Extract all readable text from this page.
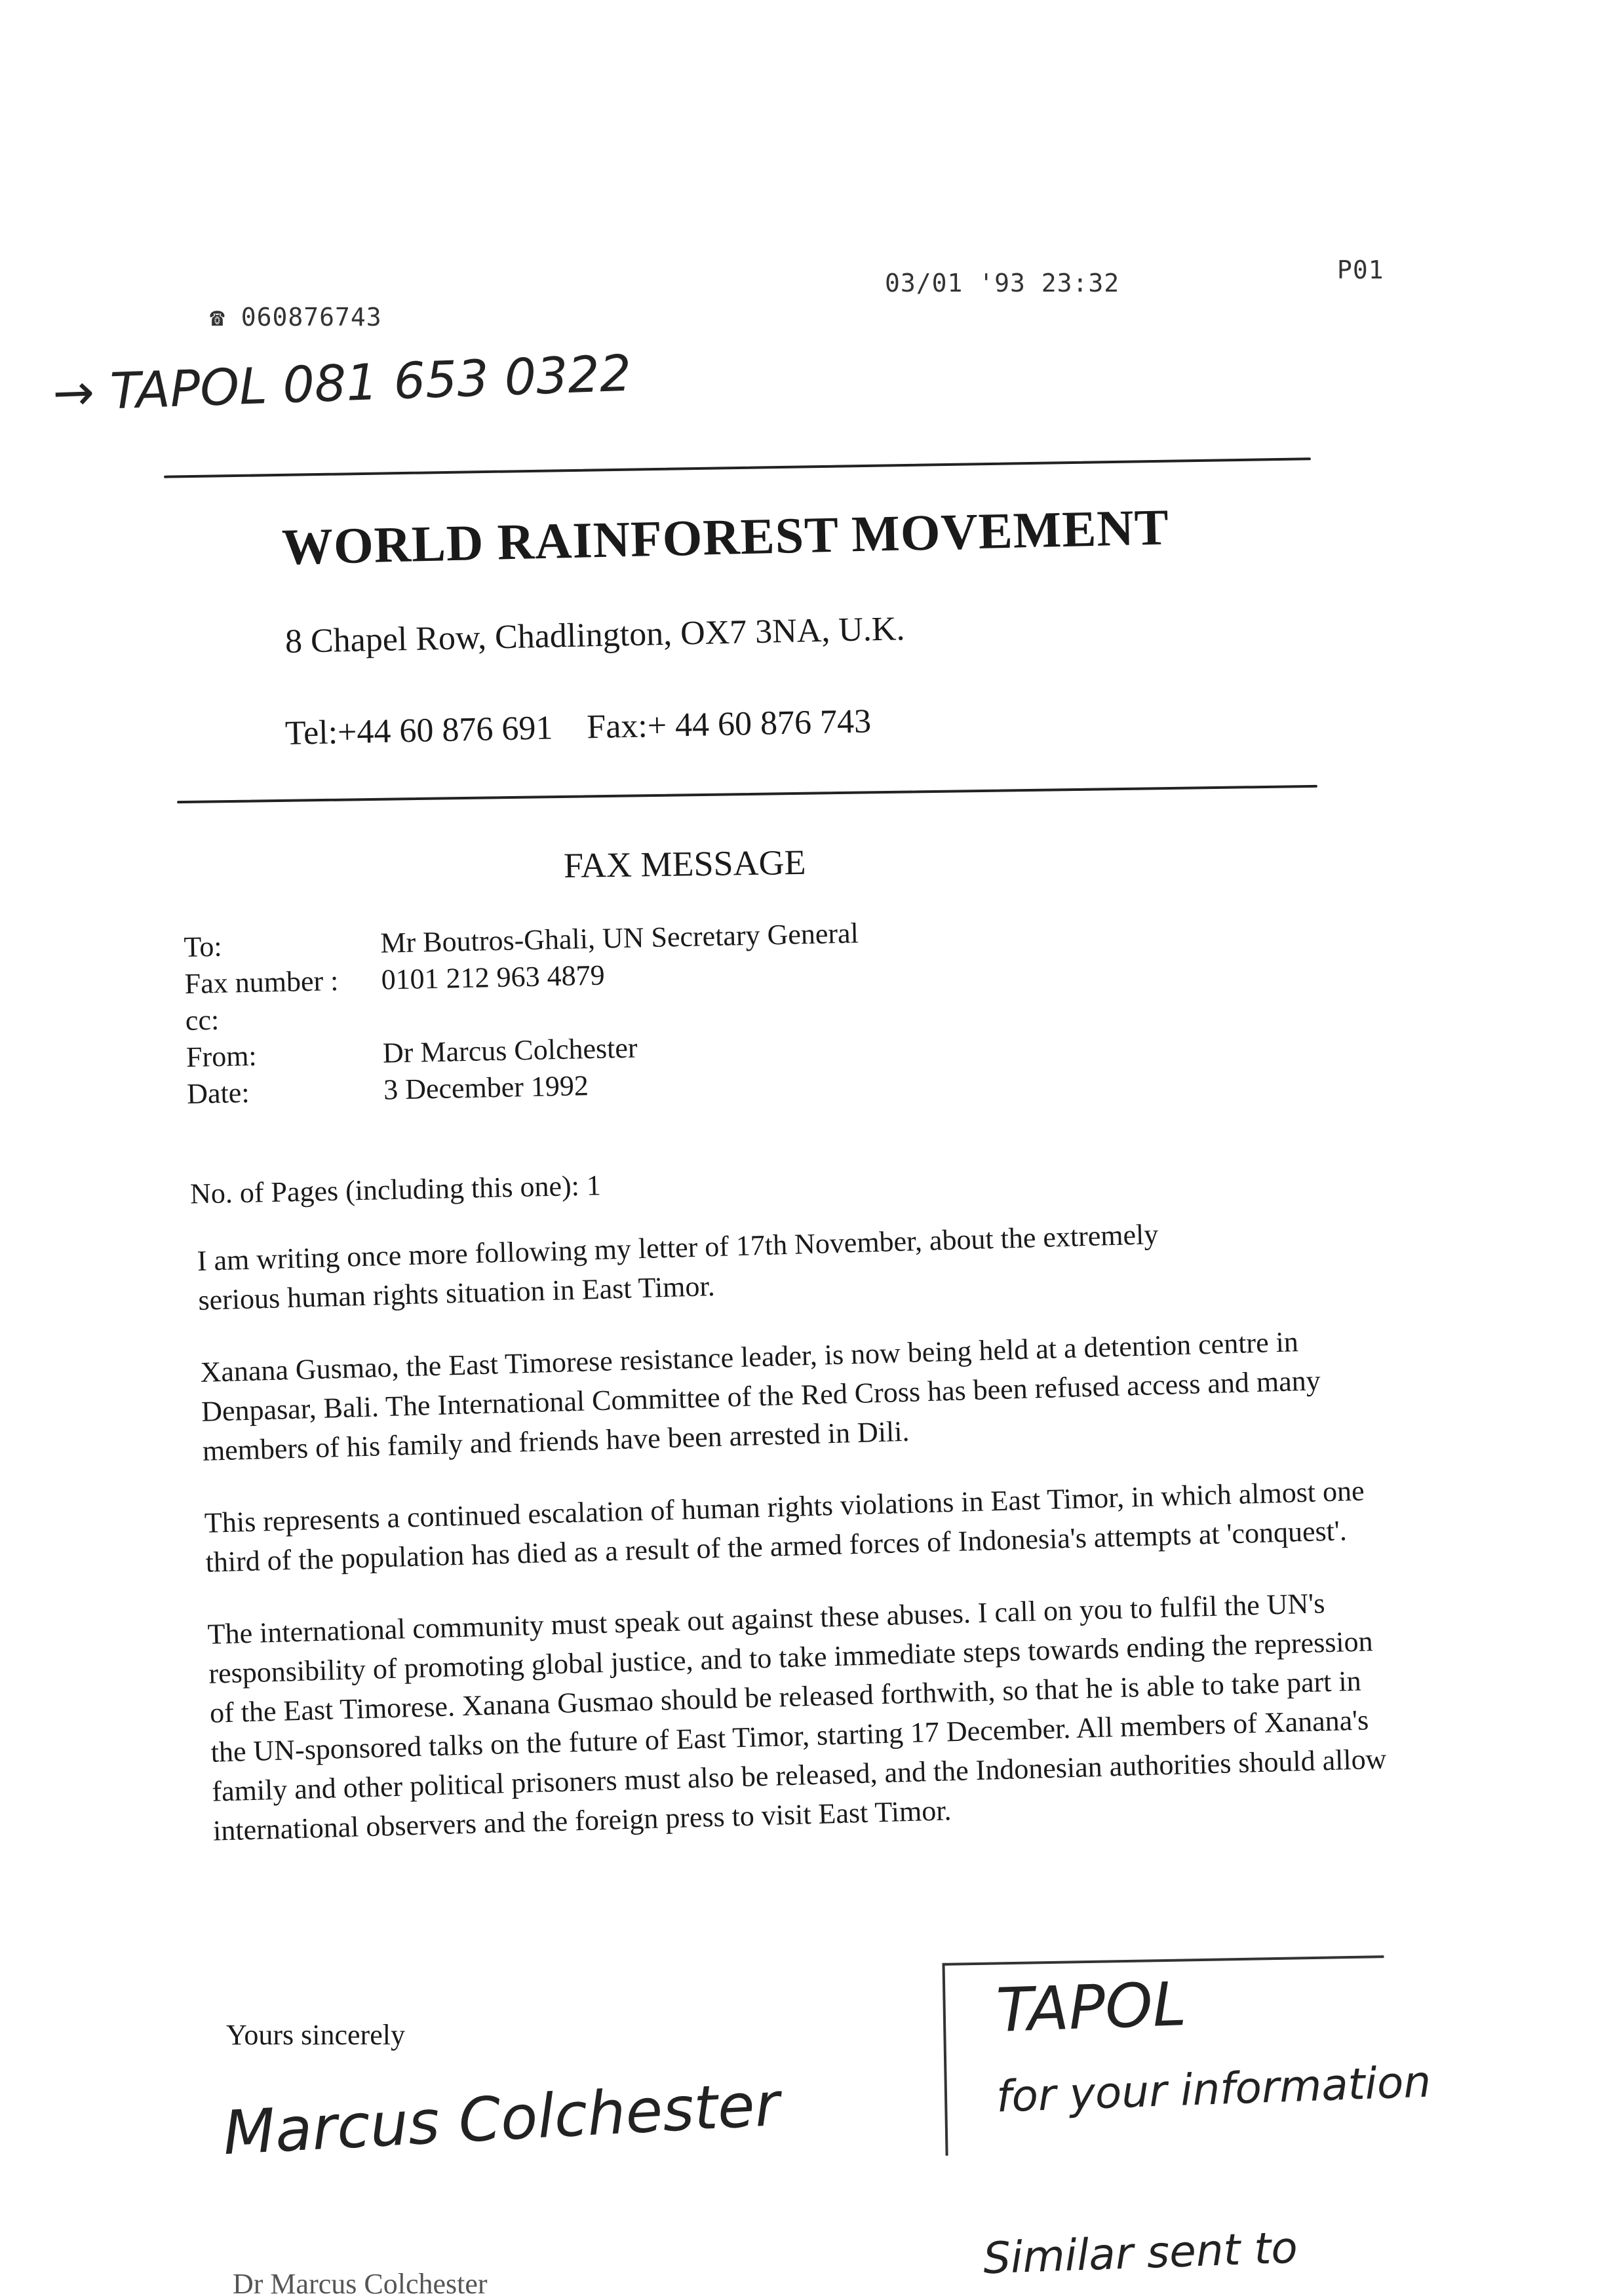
☎ 060876743
03/01 '93 23:32	P01
→ TAPOL 081 653 0322
WORLD RAINFOREST MOVEMENT
8 Chapel Row, Chadlington, OX7 3NA, U.K.
Tel:+44 60 876 691 Fax:+ 44 60 876 743
FAX MESSAGE
To:	Mr Boutros-Ghali, UN Secretary General
Fax number :	0101 212 963 4879
cc:
From:	Dr Marcus Colchester
Date:	3 December 1992
No. of Pages (including this one): 1

I am writing once more following my letter of 17th November, about the extremely serious human rights situation in East Timor.

Xanana Gusmao, the East Timorese resistance leader, is now being held at a detention centre in Denpasar, Bali. The International Committee of the Red Cross has been refused access and many members of his family and friends have been arrested in Dili.

This represents a continued escalation of human rights violations in East Timor, in which almost one third of the population has died as a result of the armed forces of Indonesia's attempts at 'conquest'.

The international community must speak out against these abuses. I call on you to fulfil the UN's responsibility of promoting global justice, and to take immediate steps towards ending the repression of the East Timorese. Xanana Gusmao should be released forthwith, so that he is able to take part in the UN-sponsored talks on the future of East Timor, starting 17 December. All members of Xanana's family and other political prisoners must also be released, and the Indonesian authorities should allow international observers and the foreign press to visit East Timor.

Yours sincerely
Marcus Colchester
Dr Marcus Colchester
TAPOL
for your information
Similar sent to
